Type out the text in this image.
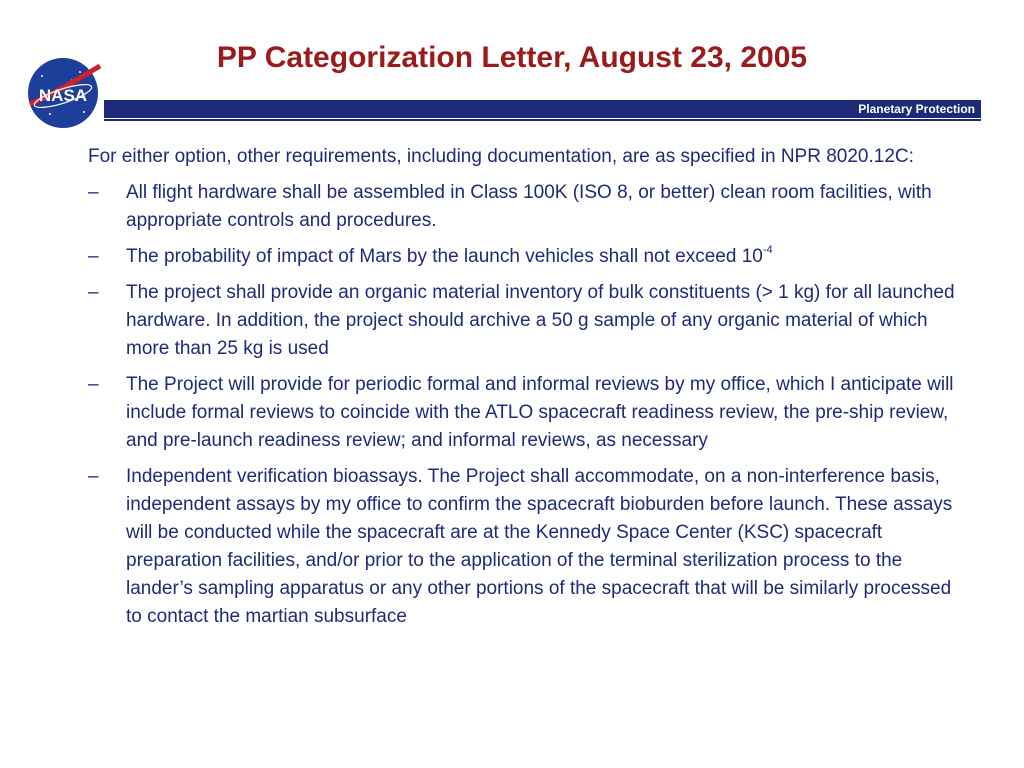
NASA
PP Categorization Letter, August 23, 2005
Planetary Protection

For either option, other requirements, including documentation, are as specified in NPR 8020.12C:

– All flight hardware shall be assembled in Class 100K (ISO 8, or better) clean room facilities, with appropriate controls and procedures.
– The probability of impact of Mars by the launch vehicles shall not exceed $10^{-4}$
– The project shall provide an organic material inventory of bulk constituents (> 1 kg) for all launched hardware. In addition, the project should archive a 50 g sample of any organic material of which more than 25 kg is used
– The Project will provide for periodic formal and informal reviews by my office, which I anticipate will include formal reviews to coincide with the ATLO spacecraft readiness review, the pre-ship review, and pre-launch readiness review; and informal reviews, as necessary
– Independent verification bioassays. The Project shall accommodate, on a non-interference basis, independent assays by my office to confirm the spacecraft bioburden before launch. These assays will be conducted while the spacecraft are at the Kennedy Space Center (KSC) spacecraft preparation facilities, and/or prior to the application of the terminal sterilization process to the lander’s sampling apparatus or any other portions of the spacecraft that will be similarly processed to contact the martian subsurface
